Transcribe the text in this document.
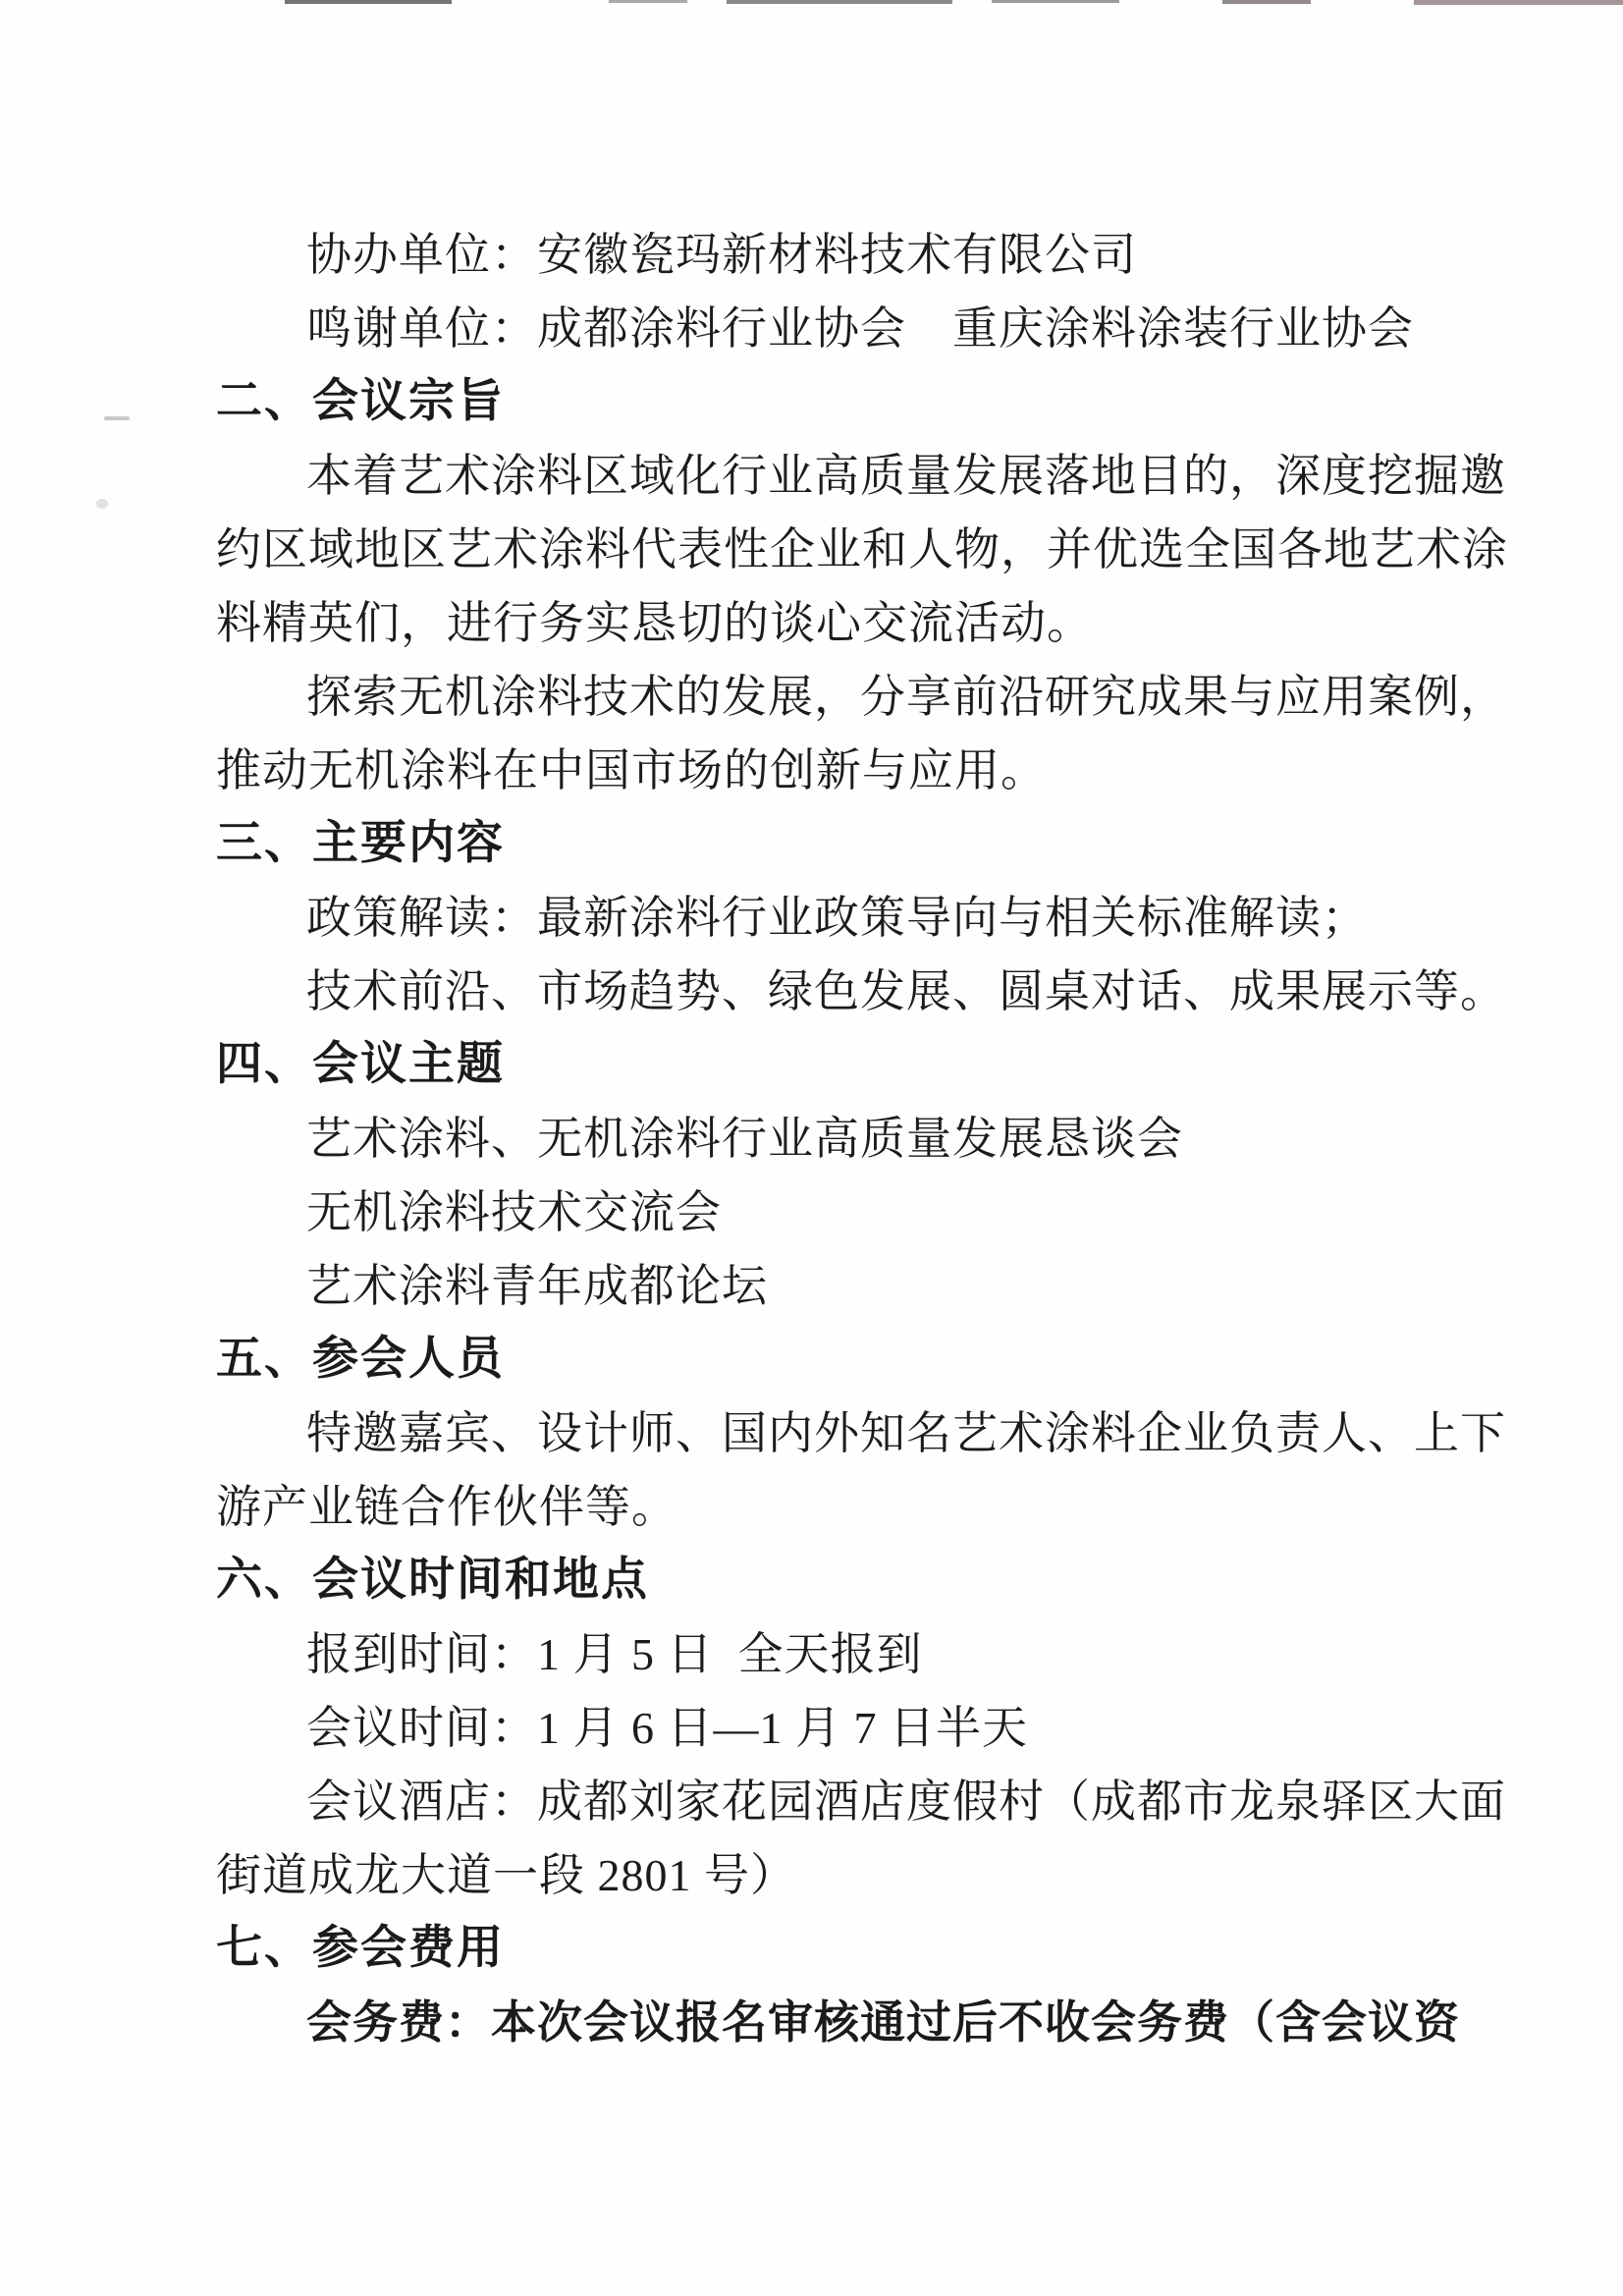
协办单位：安徽瓷玛新材料技术有限公司
鸣谢单位：成都涂料行业协会　重庆涂料涂装行业协会
二、会议宗旨
本着艺术涂料区域化行业高质量发展落地目的，深度挖掘邀
约区域地区艺术涂料代表性企业和人物，并优选全国各地艺术涂
料精英们，进行务实恳切的谈心交流活动。
探索无机涂料技术的发展，分享前沿研究成果与应用案例，
推动无机涂料在中国市场的创新与应用。
三、主要内容
政策解读：最新涂料行业政策导向与相关标准解读；
技术前沿、市场趋势、绿色发展、圆桌对话、成果展示等。
四、会议主题
艺术涂料、无机涂料行业高质量发展恳谈会
无机涂料技术交流会
艺术涂料青年成都论坛
五、参会人员
特邀嘉宾、设计师、国内外知名艺术涂料企业负责人、上下
游产业链合作伙伴等。
六、会议时间和地点
报到时间：1 月 5 日  全天报到
会议时间：1 月 6 日—1 月 7 日半天
会议酒店：成都刘家花园酒店度假村（成都市龙泉驿区大面
街道成龙大道一段 2801 号）
七、参会费用
会务费：本次会议报名审核通过后不收会务费（含会议资
